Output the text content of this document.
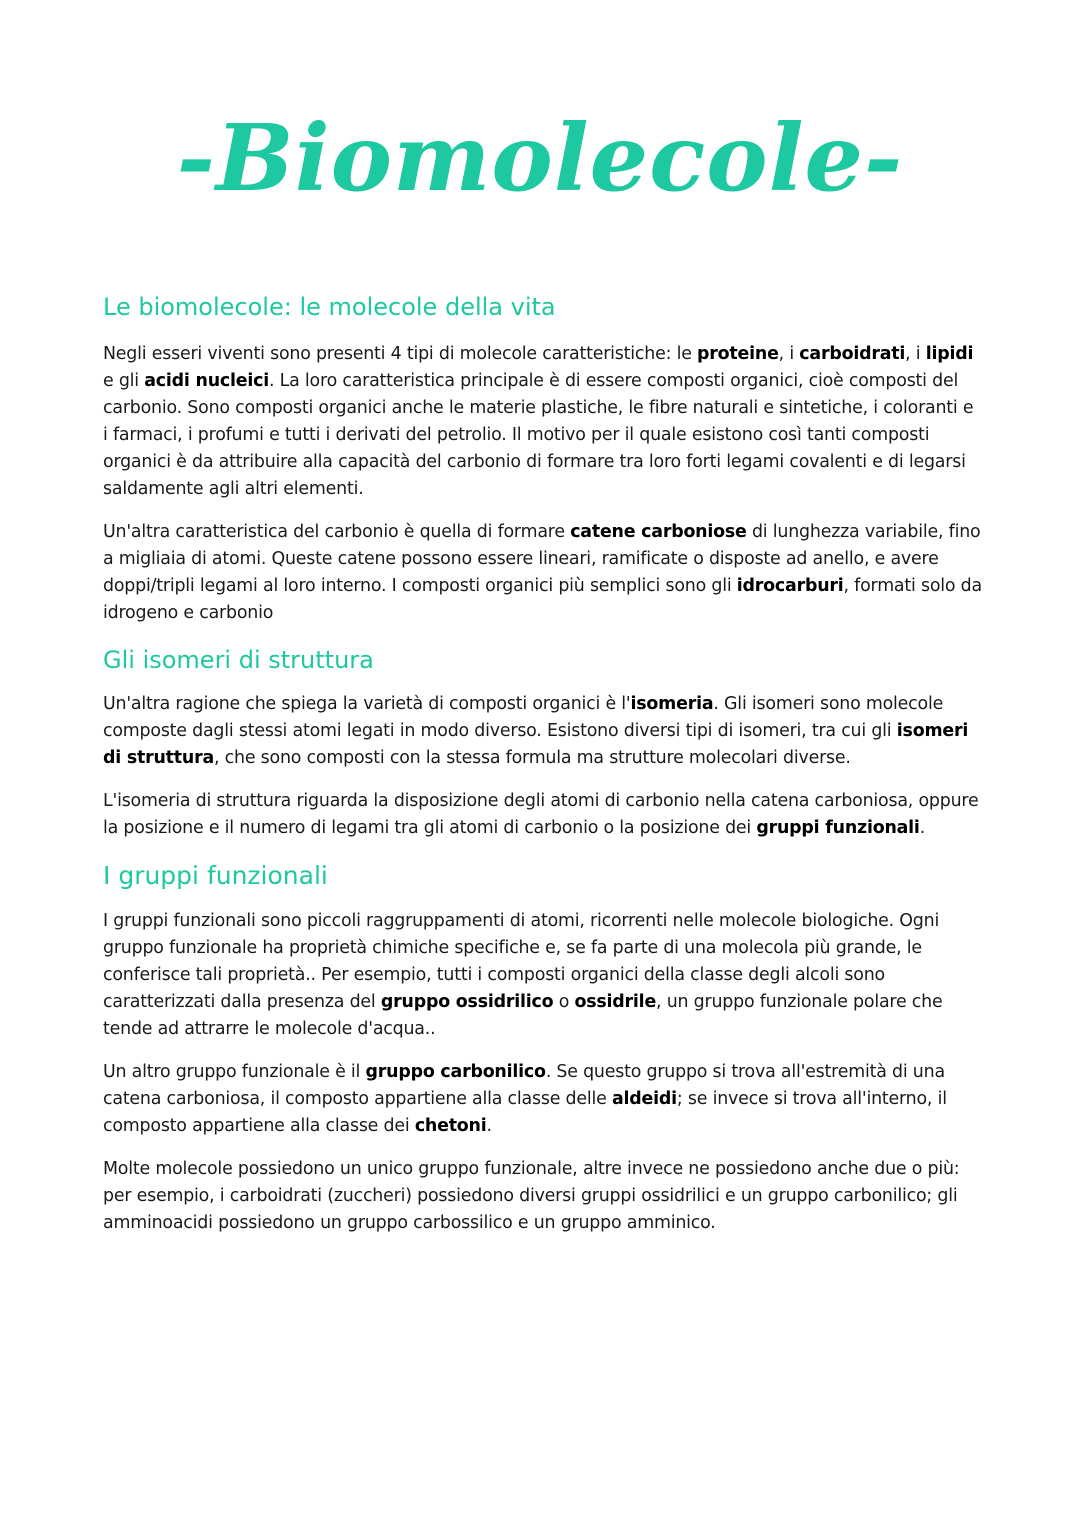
-Biomolecole-
Le biomolecole: le molecole della vita

Negli esseri viventi sono presenti 4 tipi di molecole caratteristiche: le proteine, i carboidrati, i lipidi e gli acidi nucleici. La loro caratteristica principale è di essere composti organici, cioè composti del carbonio. Sono composti organici anche le materie plastiche, le fibre naturali e sintetiche, i coloranti e i farmaci, i profumi e tutti i derivati del petrolio. Il motivo per il quale esistono così tanti composti organici è da attribuire alla capacità del carbonio di formare tra loro forti legami covalenti e di legarsi saldamente agli altri elementi.

Un'altra caratteristica del carbonio è quella di formare catene carboniose di lunghezza variabile, fino a migliaia di atomi. Queste catene possono essere lineari, ramificate o disposte ad anello, e avere doppi/tripli legami al loro interno. I composti organici più semplici sono gli idrocarburi, formati solo da idrogeno e carbonio

Gli isomeri di struttura

Un'altra ragione che spiega la varietà di composti organici è l'isomeria. Gli isomeri sono molecole composte dagli stessi atomi legati in modo diverso. Esistono diversi tipi di isomeri, tra cui gli isomeri di struttura, che sono composti con la stessa formula ma strutture molecolari diverse.

L'isomeria di struttura riguarda la disposizione degli atomi di carbonio nella catena carboniosa, oppure la posizione e il numero di legami tra gli atomi di carbonio o la posizione dei gruppi funzionali.

I gruppi funzionali

I gruppi funzionali sono piccoli raggruppamenti di atomi, ricorrenti nelle molecole biologiche. Ogni gruppo funzionale ha proprietà chimiche specifiche e, se fa parte di una molecola più grande, le conferisce tali proprietà.. Per esempio, tutti i composti organici della classe degli alcoli sono caratterizzati dalla presenza del gruppo ossidrilico o ossidrile, un gruppo funzionale polare che tende ad attrarre le molecole d'acqua..

Un altro gruppo funzionale è il gruppo carbonilico. Se questo gruppo si trova all'estremità di una catena carboniosa, il composto appartiene alla classe delle aldeidi; se invece si trova all'interno, il composto appartiene alla classe dei chetoni.

Molte molecole possiedono un unico gruppo funzionale, altre invece ne possiedono anche due o più: per esempio, i carboidrati (zuccheri) possiedono diversi gruppi ossidrilici e un gruppo carbonilico; gli amminoacidi possiedono un gruppo carbossilico e un gruppo amminico.
